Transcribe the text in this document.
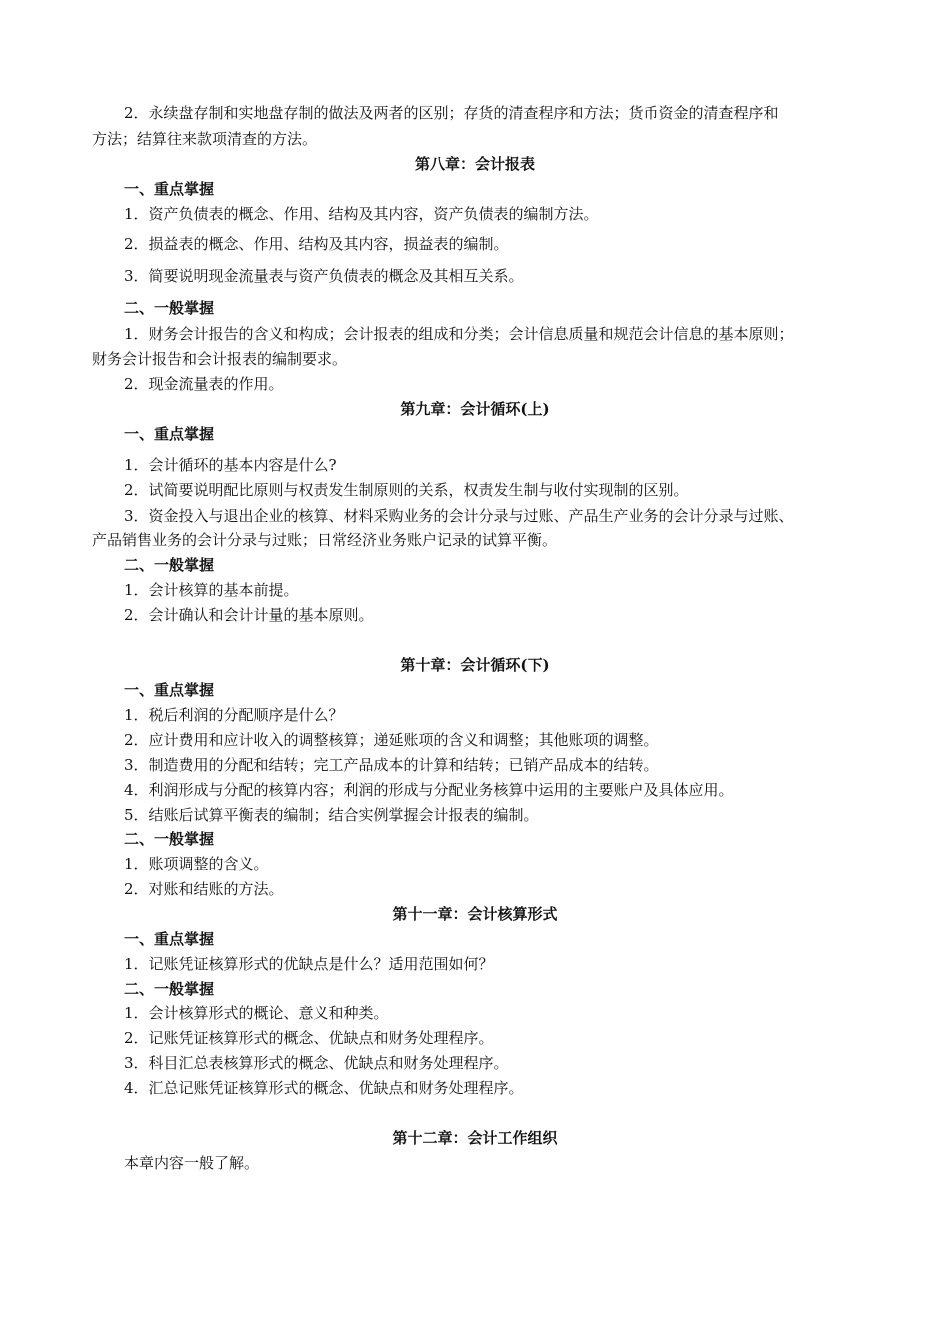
2．永续盘存制和实地盘存制的做法及两者的区别；存货的清查程序和方法；货币资金的清查程序和
方法；结算往来款项清查的方法。
第八章：会计报表
一、重点掌握
1．资产负债表的概念、作用、结构及其内容，资产负债表的编制方法。
2．损益表的概念、作用、结构及其内容，损益表的编制。
3．简要说明现金流量表与资产负债表的概念及其相互关系。
二、一般掌握
1．财务会计报告的含义和构成；会计报表的组成和分类；会计信息质量和规范会计信息的基本原则；
财务会计报告和会计报表的编制要求。
2．现金流量表的作用。
第九章：会计循环(上)
一、重点掌握
1．会计循环的基本内容是什么?
2．试简要说明配比原则与权责发生制原则的关系，权责发生制与收付实现制的区别。
3．资金投入与退出企业的核算、材料采购业务的会计分录与过账、产品生产业务的会计分录与过账、
产品销售业务的会计分录与过账；日常经济业务账户记录的试算平衡。
二、一般掌握
1．会计核算的基本前提。
2．会计确认和会计计量的基本原则。
第十章：会计循环(下)
一、重点掌握
1．税后利润的分配顺序是什么？
2．应计费用和应计收入的调整核算；递延账项的含义和调整；其他账项的调整。
3．制造费用的分配和结转；完工产品成本的计算和结转；已销产品成本的结转。
4．利润形成与分配的核算内容；利润的形成与分配业务核算中运用的主要账户及具体应用。
5．结账后试算平衡表的编制；结合实例掌握会计报表的编制。
二、一般掌握
1．账项调整的含义。
2．对账和结账的方法。
第十一章：会计核算形式
一、重点掌握
1．记账凭证核算形式的优缺点是什么？适用范围如何？
二、一般掌握
1．会计核算形式的概论、意义和种类。
2．记账凭证核算形式的概念、优缺点和财务处理程序。
3．科目汇总表核算形式的概念、优缺点和财务处理程序。
4．汇总记账凭证核算形式的概念、优缺点和财务处理程序。
第十二章：会计工作组织
本章内容一般了解。
